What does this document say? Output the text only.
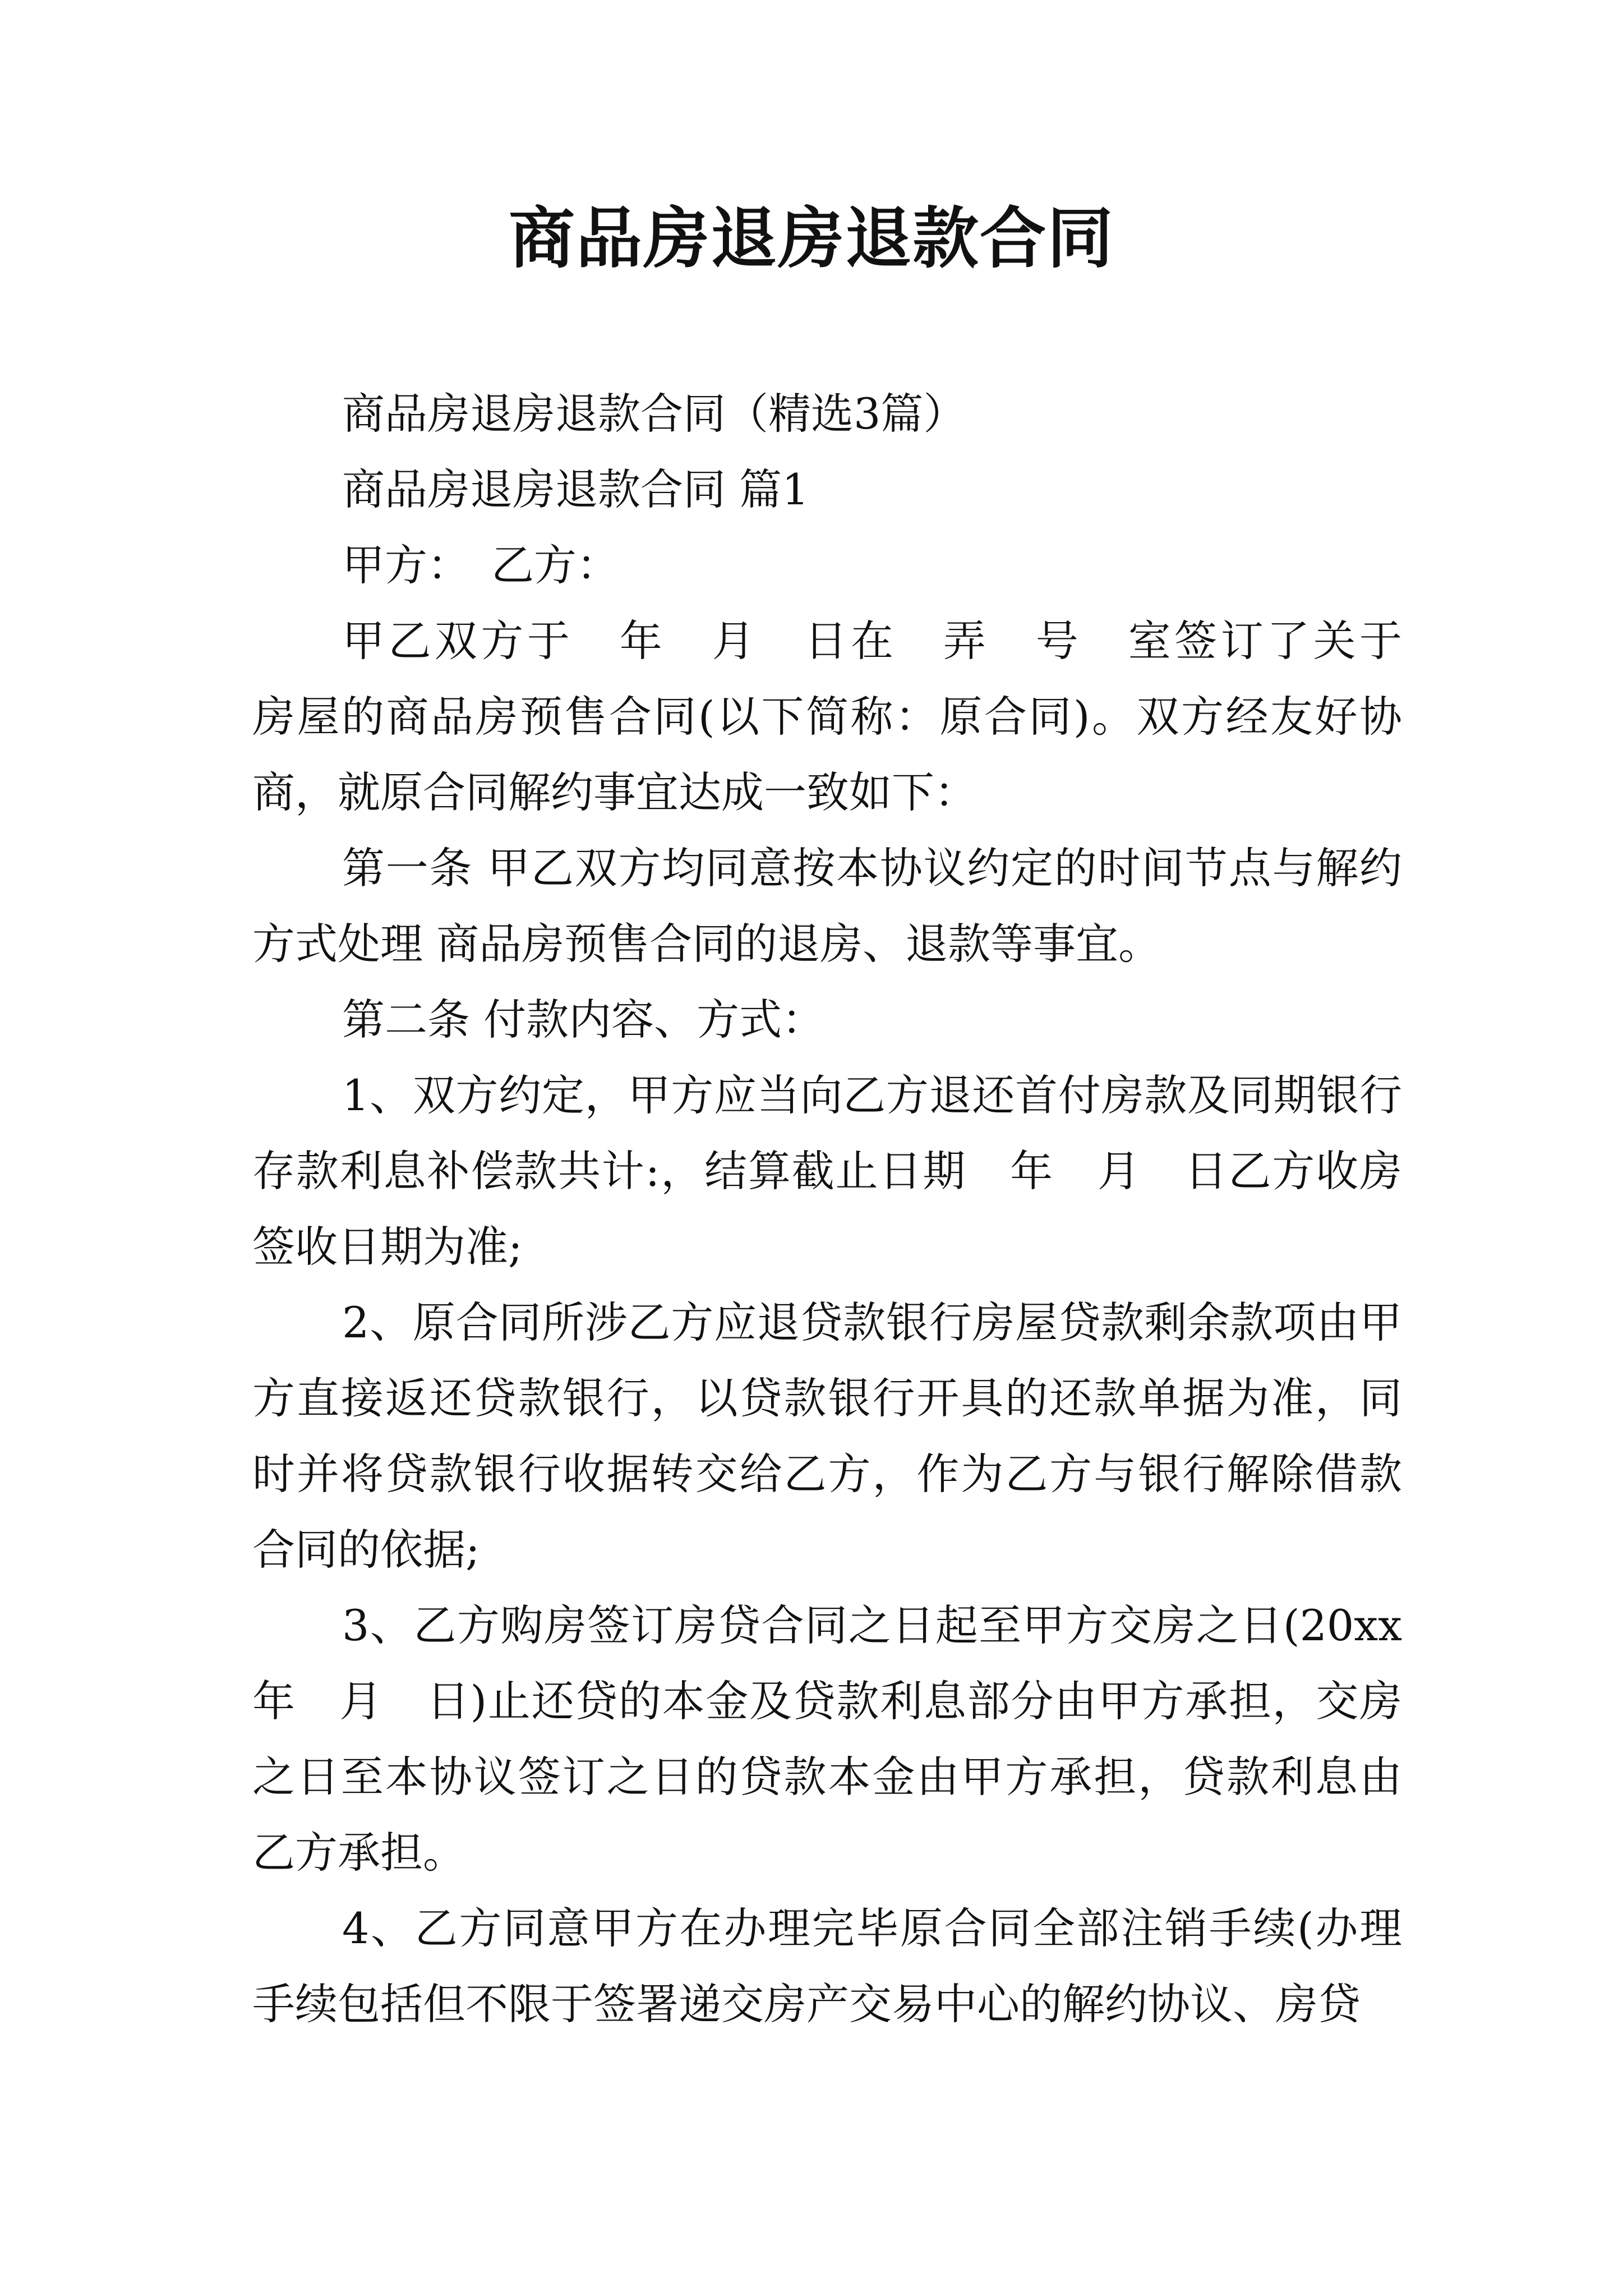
商品房退房退款合同

商品房退房退款合同（精选3篇）

商品房退房退款合同 篇1

甲方：　乙方：

甲乙双方于　年　月　日在　弄　号　室签订了关于　房屋的商品房预售合同(以下简称：原合同)。双方经友好协商，就原合同解约事宜达成一致如下：

第一条 甲乙双方均同意按本协议约定的时间节点与解约方式处理 商品房预售合同的退房、退款等事宜。

第二条 付款内容、方式：

1、双方约定，甲方应当向乙方退还首付房款及同期银行存款利息补偿款共计:，结算截止日期　年　月　日乙方收房签收日期为准;

2、原合同所涉乙方应退贷款银行房屋贷款剩余款项由甲方直接返还贷款银行，以贷款银行开具的还款单据为准，同时并将贷款银行收据转交给乙方，作为乙方与银行解除借款合同的依据;

3、乙方购房签订房贷合同之日起至甲方交房之日(20xx年　月　日)止还贷的本金及贷款利息部分由甲方承担，交房之日至本协议签订之日的贷款本金由甲方承担，贷款利息由乙方承担。

4、乙方同意甲方在办理完毕原合同全部注销手续(办理手续包括但不限于签署递交房产交易中心的解约协议、房贷
